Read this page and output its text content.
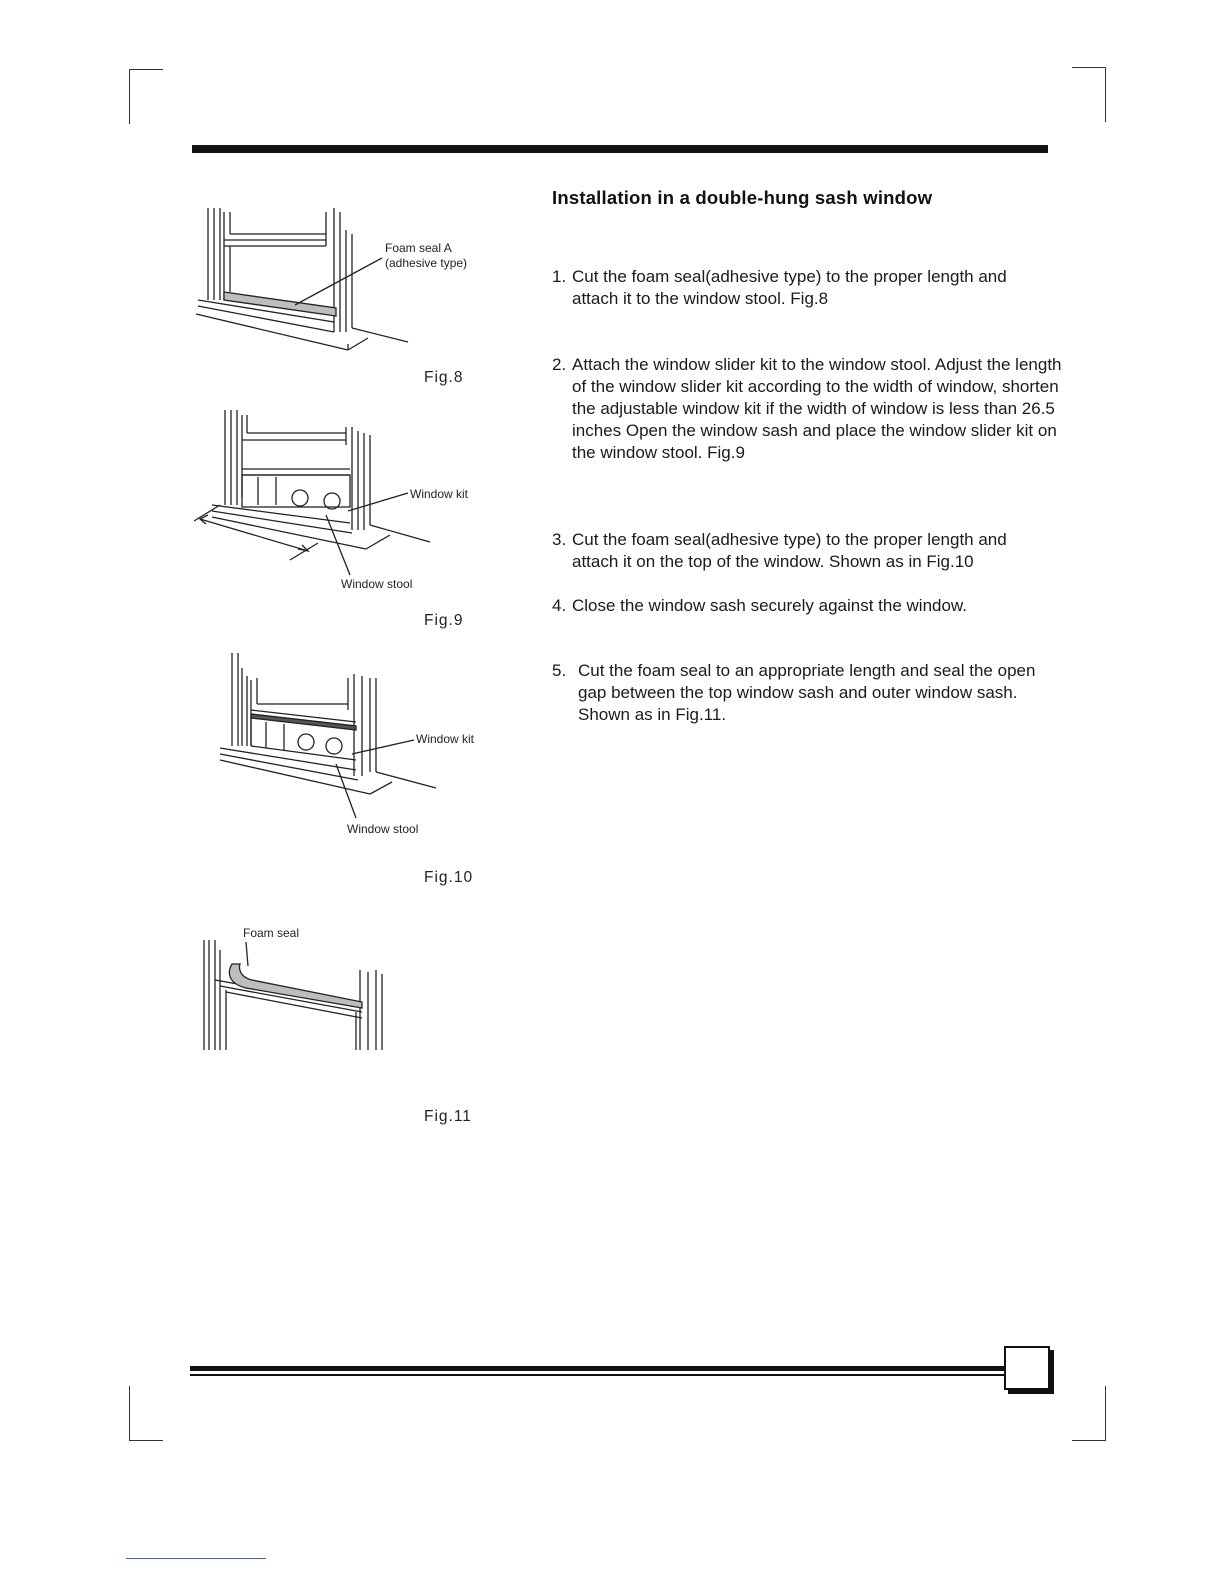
Installation in a double-hung sash window
1. Cut the foam seal(adhesive type) to the proper length and attach it to the window stool. Fig.8
2. Attach the window slider kit to the window stool. Adjust the length of the window slider kit according to the width of window, shorten the adjustable window kit if the width of window is less than 26.5 inches Open the window sash and place the window slider kit on the window stool. Fig.9
3. Cut the foam seal(adhesive type) to the proper length and attach it on the top of the window. Shown as in Fig.10
4. Close the window sash securely against the window.
5. Cut the foam seal to an appropriate length and seal the open gap between the top window sash and outer window sash. Shown as in Fig.11.
Foam seal A
(adhesive type)
Fig.8
Window kit
Window stool
Fig.9
Window kit
Window stool
Fig.10
Foam seal
Fig.11
